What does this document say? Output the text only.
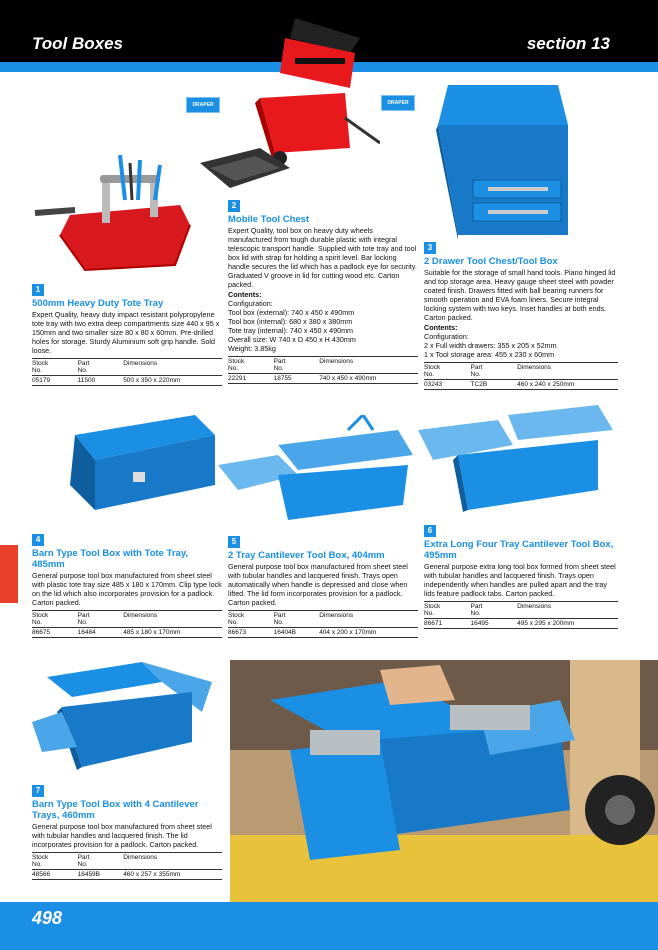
Tool Boxes	section 13
DRAPER	DRAPER
1
500mm Heavy Duty Tote Tray
Expert Quality, heavy duty impact resistant polypropylene tote tray with two extra deep compartments size 440 x 95 x 150mm and two smaller size 80 x 80 x 60mm. Pre-drilled holes for storage. Sturdy Aluminium soft grip handle. Sold loose.
Stock
No.	Part
No.	Dimensions
05179	11500	500 x 350 x 220mm
2
Mobile Tool Chest
Expert Quality, tool box on heavy duty wheels manufactured from tough durable plastic with integral telescopic transport handle. Supplied with tote tray and tool box lid with strap for holding a spirit level. Bar locking handle secures the lid which has a padlock eye for security. Graduated V groove in lid for cutting wood etc. Carton packed.
Contents:
Configuration:
Tool box (external): 740 x 450 x 490mm
Tool box (internal): 680 x 380 x 380mm
Tote tray (internal): 740 x 450 x 490mm
Overall size: W 740 x D 450 x H 430mm
Weight: 3.85kg
Stock
No.	Part
No.	Dimensions
22291	18755	740 x 450 x 490mm
3
2 Drawer Tool Chest/Tool Box
Suitable for the storage of small hand tools. Piano hinged lid and top storage area. Heavy gauge sheet steel with powder coated finish. Drawers fitted with ball bearing runners for smooth operation and EVA foam liners. Secure integral locking system with two keys. Inset handles at both ends. Carton packed.
Contents:
Configuration:
2 x Full width drawers: 355 x 205 x 52mm
1 x Tool storage area: 455 x 230 x 60mm
Stock
No.	Part
No.	Dimensions
03243	TC2B	460 x 240 x 250mm
4
Barn Type Tool Box with Tote Tray, 485mm
General purpose tool box manufactured from sheet steel with plastic tote tray size 485 x 180 x 170mm. Clip type lock on the lid which also incorporates provision for a padlock. Carton packed.
Stock
No.	Part
No.	Dimensions
86675	16484	485 x 180 x 170mm
5
2 Tray Cantilever Tool Box, 404mm
General purpose tool box manufactured from sheet steel with tubular handles and lacquered finish. Trays open automatically when handle is depressed and close when lifted. The lid form incorporates provision for a padlock. Carton packed.
Stock
No.	Part
No.	Dimensions
86673	16404B	404 x 200 x 170mm
6
Extra Long Four Tray Cantilever Tool Box, 495mm
General purpose extra long tool box formed from sheet steel with tubular handles and lacquered finish. Trays open independently when handles are pulled apart and the tray lids feature padlock tabs. Carton packed.
Stock
No.	Part
No.	Dimensions
86671	16495	495 x 295 x 200mm
7
Barn Type Tool Box with 4 Cantilever Trays, 460mm
General purpose tool box manufactured from sheet steel with tubular handles and lacquered finish. The lid incorporates provision for a padlock. Carton packed.
Stock
No.	Part
No.	Dimensions
48566	16459B	460 x 257 x 355mm
498
